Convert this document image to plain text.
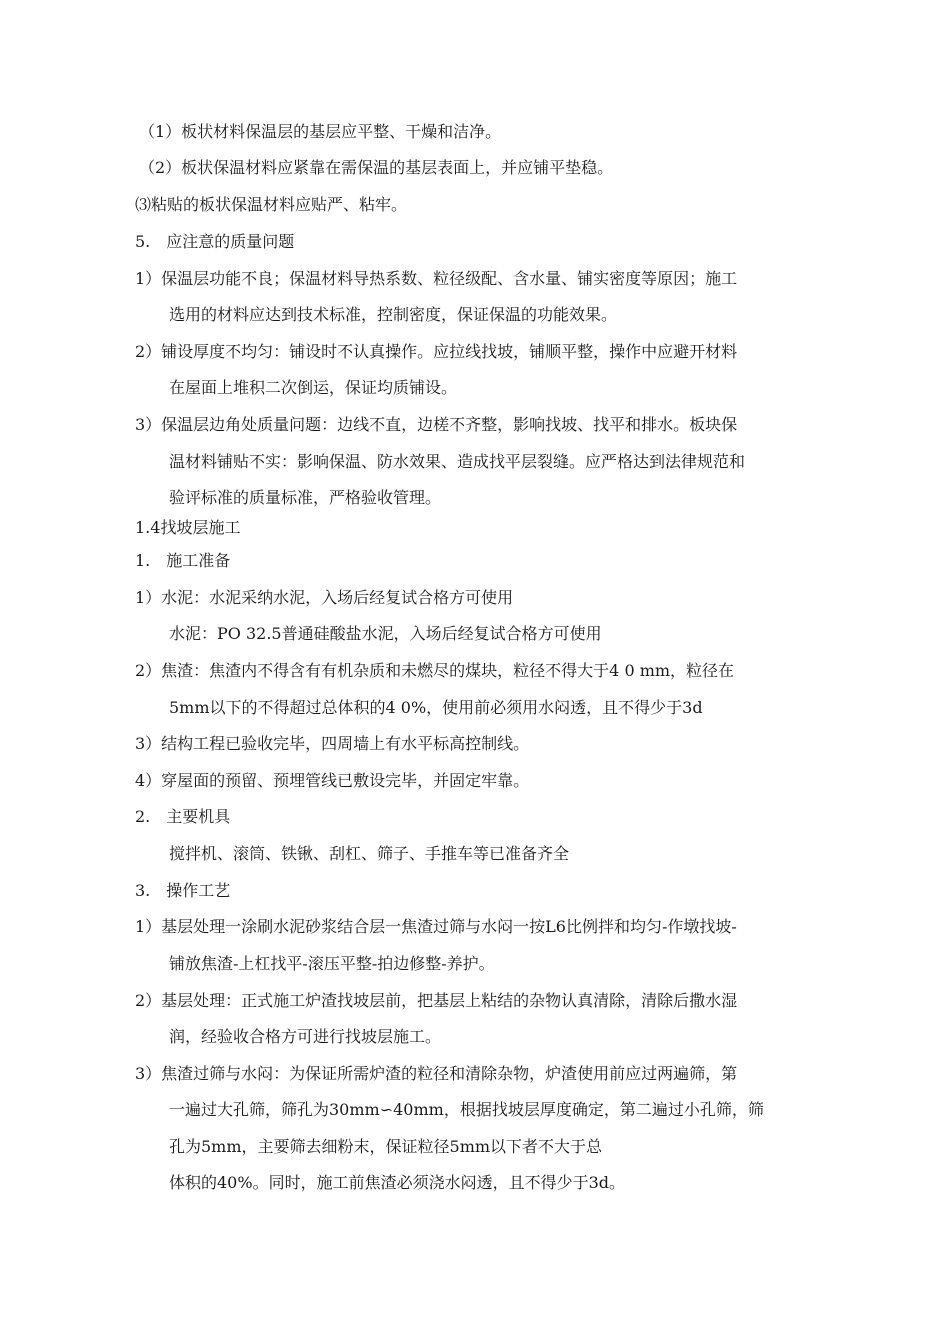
（1）板状材料保温层的基层应平整、干燥和洁净。
（2）板状保温材料应紧靠在需保温的基层表面上，并应铺平垫稳。
⑶粘贴的板状保温材料应贴严、粘牢。
5.　应注意的质量问题
1）保温层功能不良；保温材料导热系数、粒径级配、含水量、铺实密度等原因；施工
选用的材料应达到技术标准，控制密度，保证保温的功能效果。
2）铺设厚度不均匀：铺设时不认真操作。应拉线找坡，铺顺平整，操作中应避开材料
在屋面上堆积二次倒运，保证均质铺设。
3）保温层边角处质量问题：边线不直，边槎不齐整，影响找坡、找平和排水。板块保
温材料铺贴不实：影响保温、防水效果、造成找平层裂缝。应严格达到法律规范和
验评标准的质量标准，严格验收管理。
1.4找坡层施工
1.　施工准备
1）水泥：水泥采纳水泥，入场后经复试合格方可使用
水泥：PO 32.5普通硅酸盐水泥，入场后经复试合格方可使用
2）焦渣：焦渣内不得含有有机杂质和未燃尽的煤块，粒径不得大于4 0 mm，粒径在
5mm以下的不得超过总体积的4 0%，使用前必须用水闷透，且不得少于3d
3）结构工程已验收完毕，四周墙上有水平标高控制线。
4）穿屋面的预留、预埋管线已敷设完毕，并固定牢靠。
2.　主要机具
搅拌机、滚筒、铁锹、刮杠、筛子、手推车等已准备齐全
3.　操作工艺
1）基层处理一涂刷水泥砂浆结合层一焦渣过筛与水闷一按L6比例拌和均匀-作墩找坡-
铺放焦渣-上杠找平-滚压平整-拍边修整-养护。
2）基层处理：正式施工炉渣找坡层前，把基层上粘结的杂物认真清除，清除后撒水湿
润，经验收合格方可进行找坡层施工。
3）焦渣过筛与水闷：为保证所需炉渣的粒径和清除杂物，炉渣使用前应过两遍筛，第
一遍过大孔筛，筛孔为30mm∽40mm，根据找坡层厚度确定，第二遍过小孔筛，筛
孔为5mm，主要筛去细粉末，保证粒径5mm以下者不大于总
体积的40%。同时，施工前焦渣必须浇水闷透，且不得少于3d。
